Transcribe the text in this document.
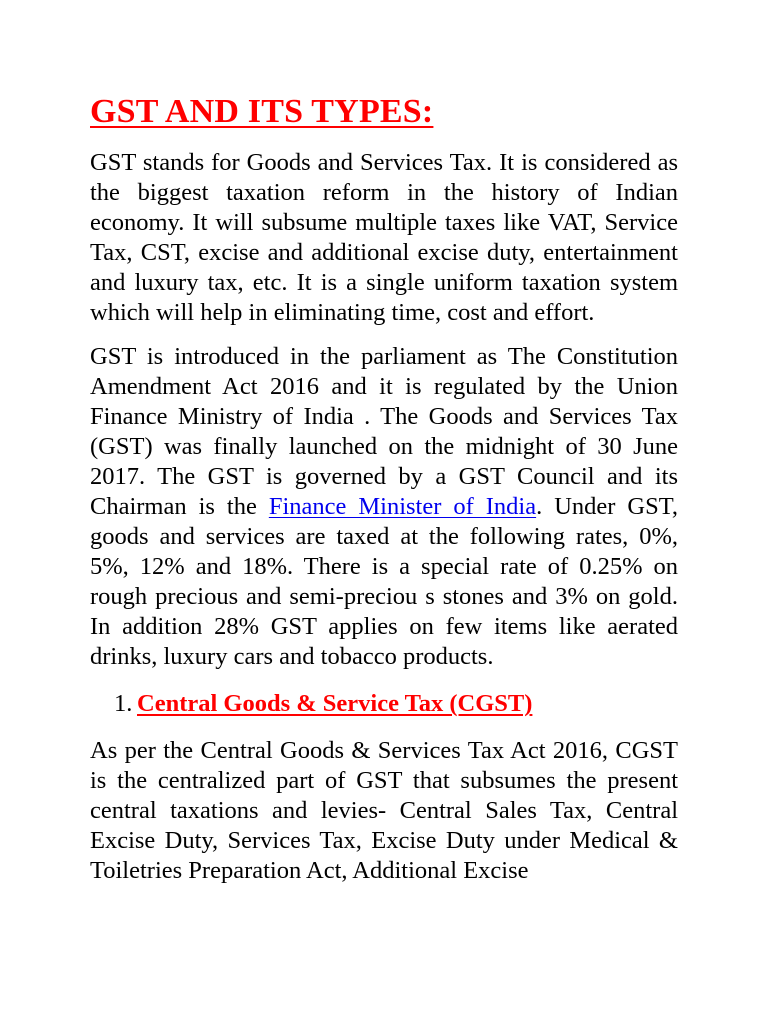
GST AND ITS TYPES:

GST stands for Goods and Services Tax. It is considered as the biggest taxation reform in the history of Indian economy. It will subsume multiple taxes like VAT, Service Tax, CST, excise and additional excise duty, entertainment and luxury tax, etc. It is a single uniform taxation system which will help in eliminating time, cost and effort.

GST is introduced in the parliament as The Constitution Amendment Act 2016 and it is regulated by the Union Finance Ministry of India . The Goods and Services Tax (GST) was finally launched on the midnight of 30 June 2017. The GST is governed by a GST Council and its Chairman is the Finance Minister of India. Under GST, goods and services are taxed at the following rates, 0%, 5%, 12% and 18%. There is a special rate of 0.25% on rough precious and semi-preciou s stones and 3% on gold. In addition 28% GST applies on few items like aerated drinks, luxury cars and tobacco products.

1. Central Goods & Service Tax (CGST)

As per the Central Goods & Services Tax Act 2016, CGST is the centralized part of GST that subsumes the present central taxations and levies- Central Sales Tax, Central Excise Duty, Services Tax, Excise Duty under Medical & Toiletries Preparation Act, Additional Excise
